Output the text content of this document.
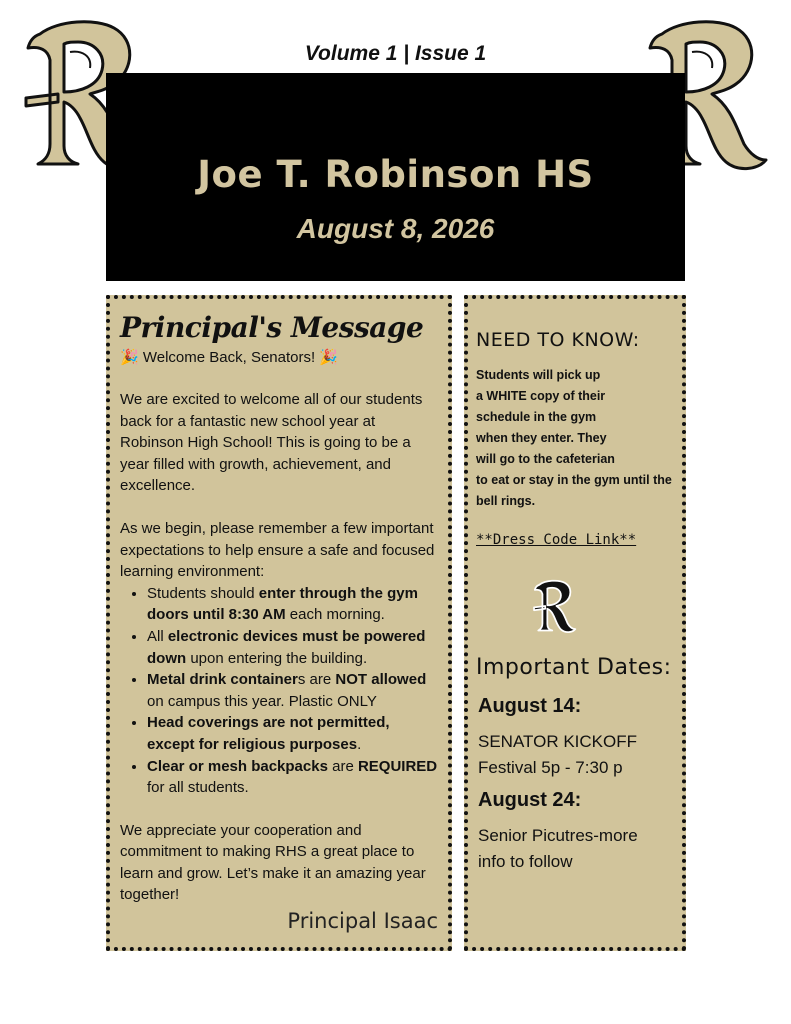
Volume 1 | Issue 1
Joe T. Robinson HS
August 8, 2026
Principal's Message
🎉 Welcome Back, Senators! 🎉
We are excited to welcome all of our students back for a fantastic new school year at Robinson High School! This is going to be a year filled with growth, achievement, and excellence.
As we begin, please remember a few important expectations to help ensure a safe and focused learning environment:
• Students should enter through the gym doors until 8:30 AM each morning.
• All electronic devices must be powered down upon entering the building.
• Metal drink containers are NOT allowed on campus this year. Plastic ONLY
• Head coverings are not permitted, except for religious purposes.
• Clear or mesh backpacks are REQUIRED for all students.
We appreciate your cooperation and commitment to making RHS a great place to learn and grow. Let’s make it an amazing year together!
Principal Isaac
NEED TO KNOW:
Students will pick up
a WHITE copy of their
schedule in the gym
when they enter. They
will go to the cafeterian
to eat or stay in the gym until the
bell rings.
**Dress Code Link**
Important Dates:
August 14:
SENATOR KICKOFF
Festival 5p - 7:30 p
August 24:
Senior Picutres-more
info to follow
